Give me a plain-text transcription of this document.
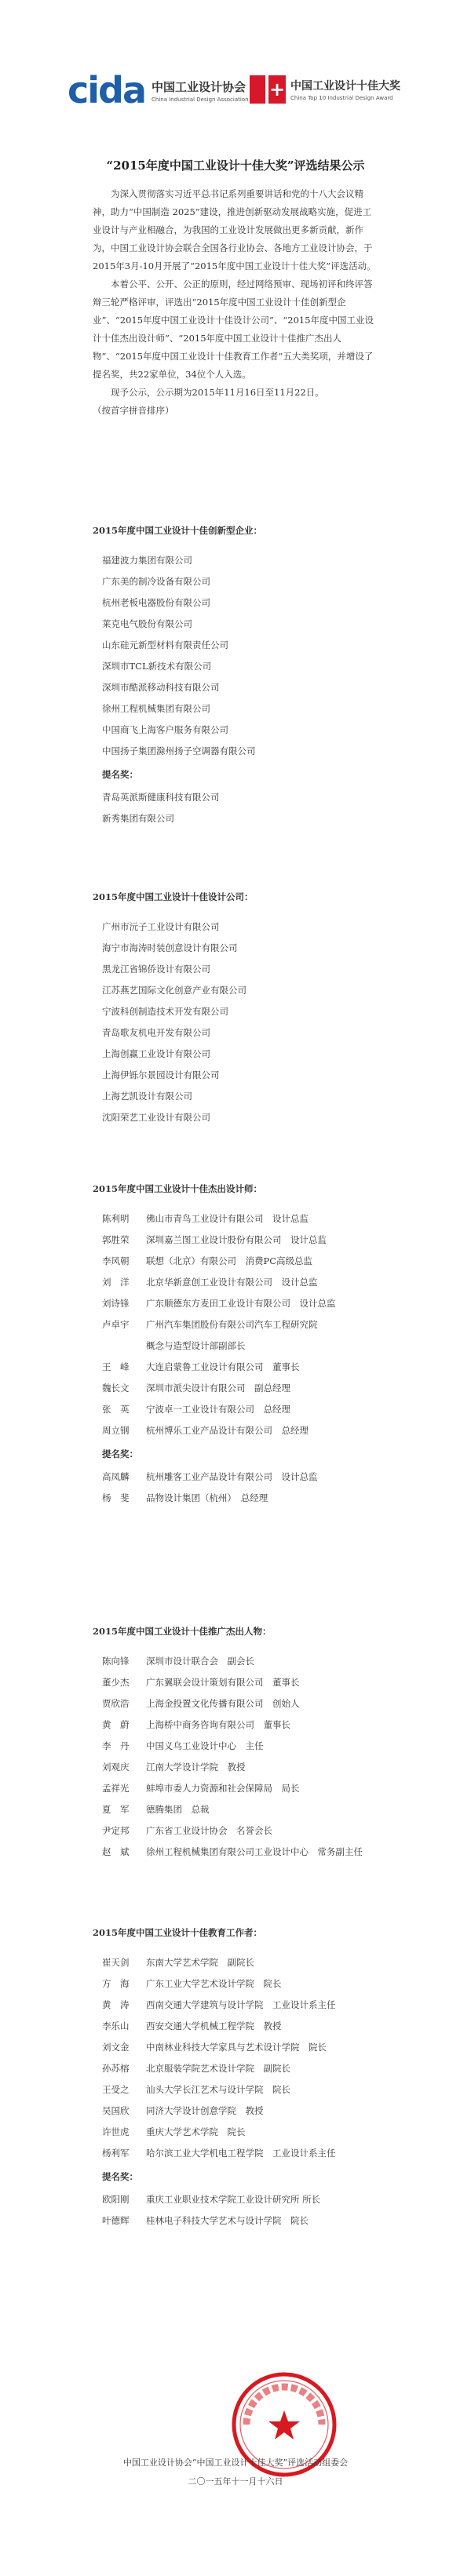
cida 中国工业设计协会
China Industrial Design Association + 中国工业设计十佳大奖
China Top 10 Industrial Design Award
“2015年度中国工业设计十佳大奖”评选结果公示

为深入贯彻落实习近平总书记系列重要讲话和党的十八大会议精神，助力“中国制造 2025”建设，推进创新驱动发展战略实施，促进工业设计与产业相融合，为我国的工业设计发展做出更多新贡献，新作为，中国工业设计协会联合全国各行业协会、各地方工业设计协会，于2015年3月-10月开展了“2015年度中国工业设计十佳大奖”评选活动。

本着公平、公开、公正的原则，经过网络预审、现场初评和终评答辩三轮严格评审，评选出“2015年度中国工业设计十佳创新型企业”、“2015年度中国工业设计十佳设计公司”、“2015年度中国工业设计十佳杰出设计师”、“2015年度中国工业设计十佳推广杰出人物”、“2015年度中国工业设计十佳教育工作者”五大类奖项，并增设了提名奖，共22家单位，34位个人入选。

现予公示，公示期为2015年11月16日至11月22日。

（按首字拼音排序）

2015年度中国工业设计十佳创新型企业：
福建波力集团有限公司
广东美的制冷设备有限公司
杭州老板电器股份有限公司
莱克电气股份有限公司
山东硅元新型材料有限责任公司
深圳市TCL新技术有限公司
深圳市酷派移动科技有限公司
徐州工程机械集团有限公司
中国商飞上海客户服务有限公司
中国扬子集团滁州扬子空调器有限公司
提名奖：
青岛英派斯健康科技有限公司
新秀集团有限公司
2015年度中国工业设计十佳设计公司：
广州市沅子工业设计有限公司
海宁市海涛时装创意设计有限公司
黑龙江省锦侨设计有限公司
江苏燕艺国际文化创意产业有限公司
宁波科创制造技术开发有限公司
青岛歌友机电开发有限公司
上海创赢工业设计有限公司
上海伊铄尔景园设计有限公司
上海艺凯设计有限公司
沈阳荣艺工业设计有限公司
2015年度中国工业设计十佳杰出设计师：
陈利明 佛山市青鸟工业设计有限公司　设计总监
郭胜荣 深圳嘉兰图工业设计股份有限公司　设计总监
李风朝 联想（北京）有限公司　消费PC高级总监
刘　洋 北京华新意创工业设计有限公司　设计总监
刘诗锋 广东顺德东方麦田工业设计有限公司　设计总监
卢卓宇 广州汽车集团股份有限公司汽车工程研究院
概念与造型设计部副部长
王　峰 大连启蒙鲁工业设计有限公司　董事长
魏长文 深圳市派尖设计有限公司　副总经理
张　英 宁波卓一工业设计有限公司　总经理
周立钢 杭州博乐工业产品设计有限公司　总经理
提名奖：
高凤麟 杭州雕客工业产品设计有限公司　设计总监
杨　斐 品物设计集团（杭州）　总经理
2015年度中国工业设计十佳推广杰出人物：
陈向锋 深圳市设计联合会　副会长
董少杰 广东翼联会设计策划有限公司　董事长
贾欣浩 上海金投置文化传播有限公司　创始人
黄　蔚 上海桥中商务咨询有限公司　董事长
李　丹 中国义乌工业设计中心　主任
刘观庆 江南大学设计学院　教授
孟祥光 蚌埠市委人力资源和社会保障局　局长
夏　军 德腾集团　总裁
尹定邦 广东省工业设计协会　名誉会长
赵　斌 徐州工程机械集团有限公司工业设计中心　常务副主任
2015年度中国工业设计十佳教育工作者：
崔天剑 东南大学艺术学院　副院长
方　海 广东工业大学艺术设计学院　院长
黄　涛 西南交通大学建筑与设计学院　工业设计系主任
李乐山 西安交通大学机械工程学院　教授
刘文金 中南林业科技大学家具与艺术设计学院　院长
孙苏榕 北京服装学院艺术设计学院　副院长
王受之 汕头大学长江艺术与设计学院　院长
吴国欣 同济大学设计创意学院　教授
许世虎 重庆大学艺术学院　院长
杨利军 哈尔滨工业大学机电工程学院　工业设计系主任
提名奖：
欧阳刚 重庆工业职业技术学院工业设计研究所 所长
叶德辉 桂林电子科技大学艺术与设计学院　院长
中国工业设计协会“中国工业设计十佳大奖”评选活动组委会
二〇一五年十一月十六日
